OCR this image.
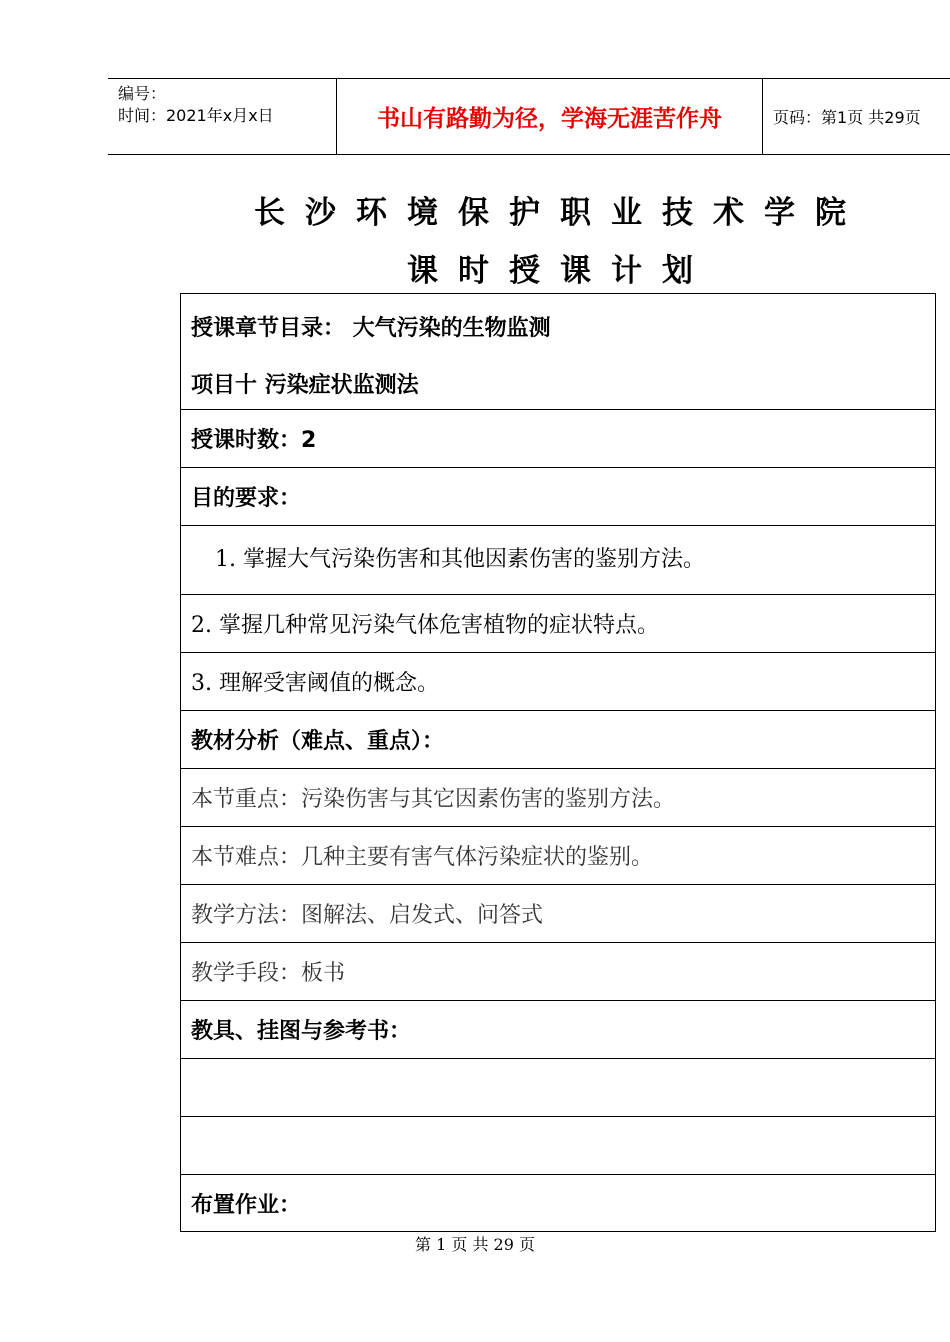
编号：
时间：2021年x月x日	书山有路勤为径，学海无涯苦作舟	页码：第1页 共29页
长沙环境保护职业技术学院
课时授课计划
授课章节目录： 大气污染的生物监测
项目十 污染症状监测法
授课时数：2
目的要求：
1. 掌握大气污染伤害和其他因素伤害的鉴别方法。
2. 掌握几种常见污染气体危害植物的症状特点。
3. 理解受害阈值的概念。
教材分析（难点、重点）：
本节重点：污染伤害与其它因素伤害的鉴别方法。
本节难点：几种主要有害气体污染症状的鉴别。
教学方法：图解法、启发式、问答式
教学手段：板书
教具、挂图与参考书：
布置作业：
第 1 页 共 29 页
